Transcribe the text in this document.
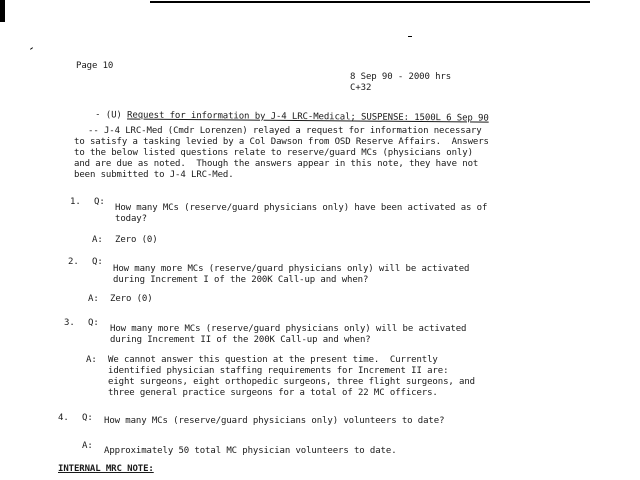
Page 10
8 Sep 90 - 2000 hrs
C+32

- (U) Request for information by J-4 LRC-Medical; SUSPENSE: 1500L 6 Sep 90

-- J-4 LRC-Med (Cmdr Lorenzen) relayed a request for information necessary
to satisfy a tasking levied by a Col Dawson from OSD Reserve Affairs.  Answers
to the below listed questions relate to reserve/guard MCs (physicians only)
and are due as noted.  Though the answers appear in this note, they have not
been submitted to J-4 LRC-Med.
1. Q:
How many MCs (reserve/guard physicians only) have been activated as of
today?
A: Zero (0)
2. Q:
How many more MCs (reserve/guard physicians only) will be activated
during Increment I of the 200K Call-up and when?
A: Zero (0)
3. Q:
How many more MCs (reserve/guard physicians only) will be activated
during Increment II of the 200K Call-up and when?
A: We cannot answer this question at the present time.  Currently
identified physician staffing requirements for Increment II are:
eight surgeons, eight orthopedic surgeons, three flight surgeons, and
three general practice surgeons for a total of 22 MC officers.
4. Q: How many MCs (reserve/guard physicians only) volunteers to date?
A: Approximately 50 total MC physician volunteers to date.
INTERNAL MRC NOTE:
